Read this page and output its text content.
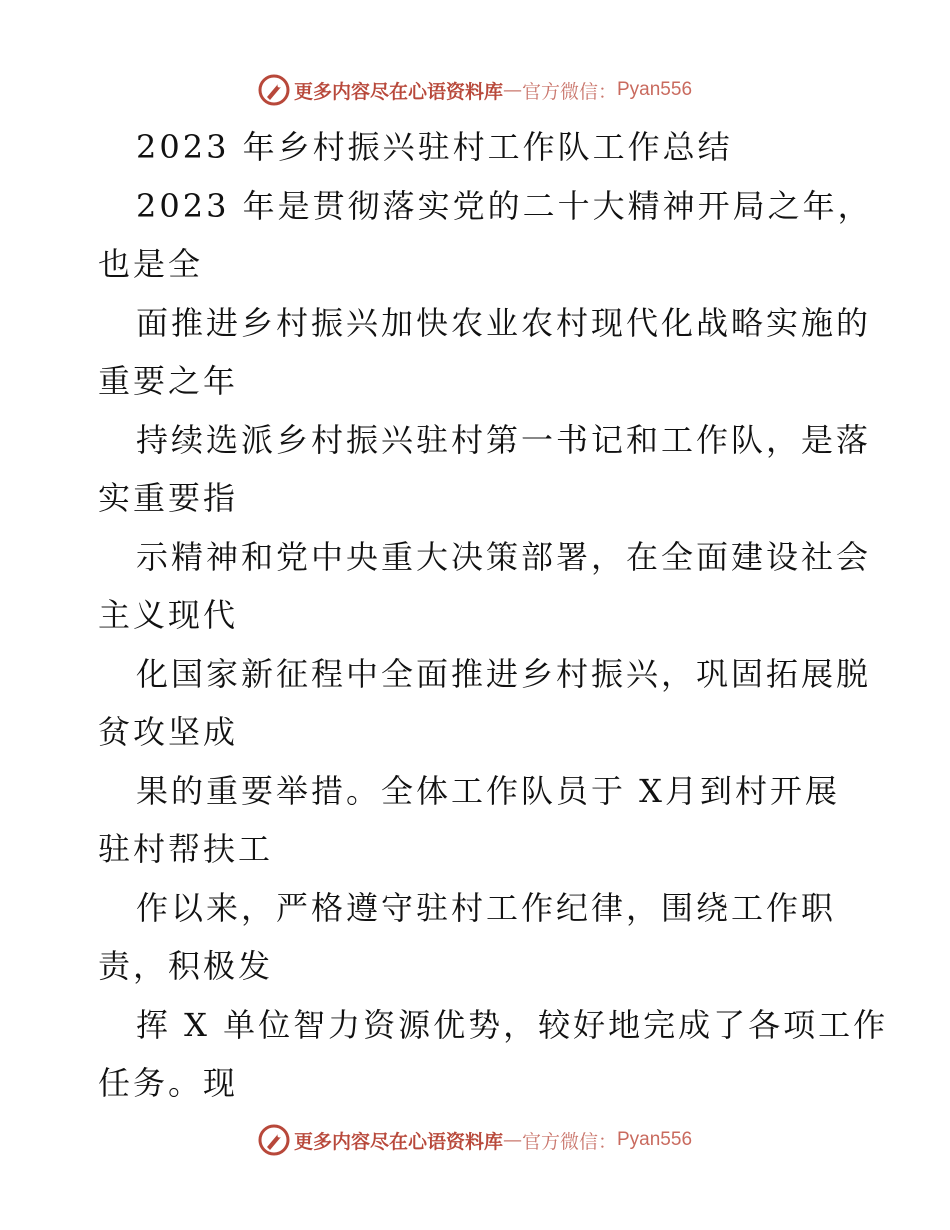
更多内容尽在心语资料库 — 官方微信： Pyan556
2023 年乡村振兴驻村工作队工作总结
2023 年是贯彻落实党的二十大精神开局之年，
也是全
面推进乡村振兴加快农业农村现代化战略实施的
重要之年
持续选派乡村振兴驻村第一书记和工作队，是落
实重要指
示精神和党中央重大决策部署，在全面建设社会
主义现代
化国家新征程中全面推进乡村振兴，巩固拓展脱
贫攻坚成
果的重要举措。全体工作队员于 X月到村开展
驻村帮扶工
作以来，严格遵守驻村工作纪律，围绕工作职
责，积极发
挥 X 单位智力资源优势，较好地完成了各项工作
任务。现
更多内容尽在心语资料库 — 官方微信： Pyan556
